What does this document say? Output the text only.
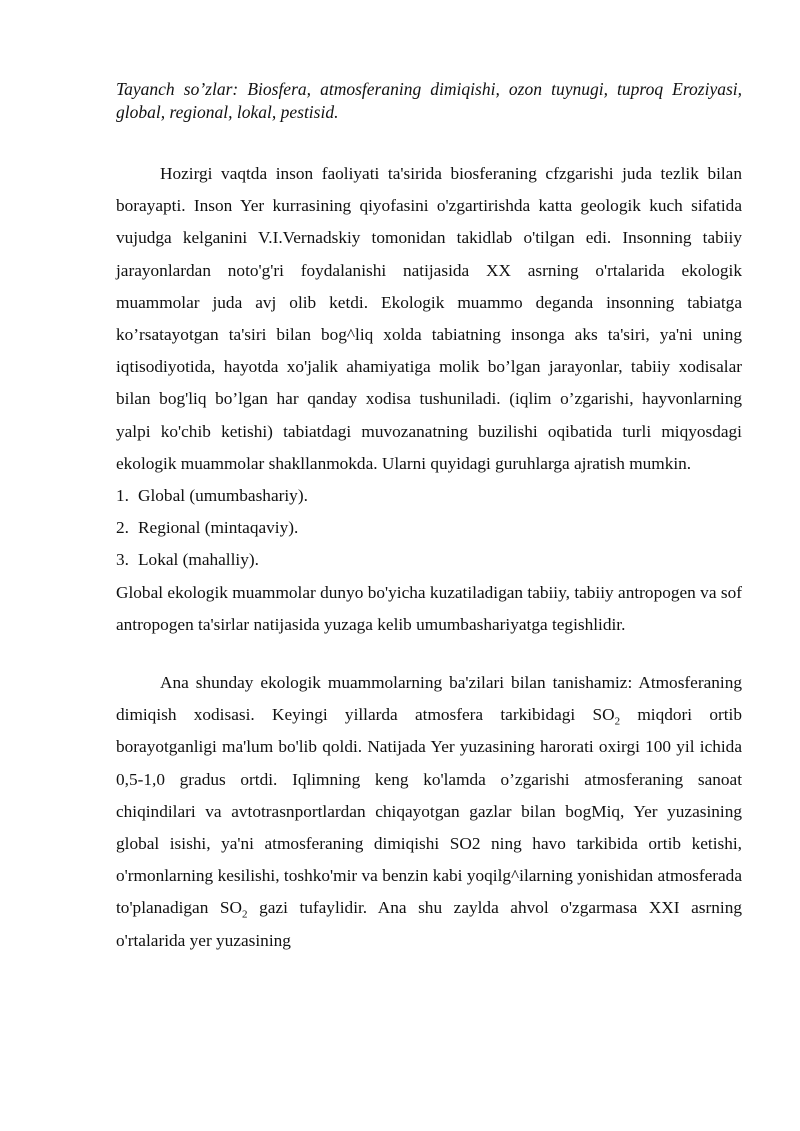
Tayanch so’zlar: Biosfera, atmosferaning dimiqishi, ozon tuynugi, tuproq Eroziyasi, global, regional, lokal, pestisid.

Hozirgi vaqtda inson faoliyati ta'sirida biosferaning cfzgarishi juda tezlik bilan borayapti. Inson Yer kurrasining qiyofasini o'zgartirishda katta geologik kuch sifatida vujudga kelganini V.I.Vernadskiy tomonidan takidlab o'tilgan edi. Insonning tabiiy jarayonlardan noto'g'ri foydalanishi natijasida XX asrning o'rtalarida ekologik muammolar juda avj olib ketdi. Ekologik muammo deganda insonning tabiatga ko’rsatayotgan ta'siri bilan bog^liq xolda tabiatning insonga aks ta'siri, ya'ni uning iqtisodiyotida, hayotda xo'jalik ahamiyatiga molik bo’lgan jarayonlar, tabiiy xodisalar bilan bog'liq bo’lgan har qanday xodisa tushuniladi. (iqlim o’zgarishi, hayvonlarning yalpi ko'chib ketishi) tabiatdagi muvozanatning buzilishi oqibatida turli miqyosdagi ekologik muammolar shakllanmokda. Ularni quyidagi guruhlarga ajratish mumkin.

1. Global (umumbashariy).
2. Regional (mintaqaviy).
3. Lokal (mahalliy).

Global ekologik muammolar dunyo bo'yicha kuzatiladigan tabiiy, tabiiy antropogen va sof antropogen ta'sirlar natijasida yuzaga kelib umumbashariyatga tegishlidir.

Ana shunday ekologik muammolarning ba'zilari bilan tanishamiz: Atmosferaning dimiqish xodisasi. Keyingi yillarda atmosfera tarkibidagi $SO_2$ miqdori ortib borayotganligi ma'lum bo'lib qoldi. Natijada Yer yuzasining harorati oxirgi 100 yil ichida 0,5-1,0 gradus ortdi. Iqlimning keng ko'lamda o’zgarishi atmosferaning sanoat chiqindilari va avtotrasnportlardan chiqayotgan gazlar bilan bogMiq, Yer yuzasining global isishi, ya'ni atmosferaning dimiqishi SO2 ning havo tarkibida ortib ketishi, o'rmonlarning kesilishi, toshko'mir va benzin kabi yoqilg^ilarning yonishidan atmosferada to'planadigan $SO_2$ gazi tufaylidir. Ana shu zaylda ahvol o'zgarmasa XXI asrning o'rtalarida yer yuzasining
